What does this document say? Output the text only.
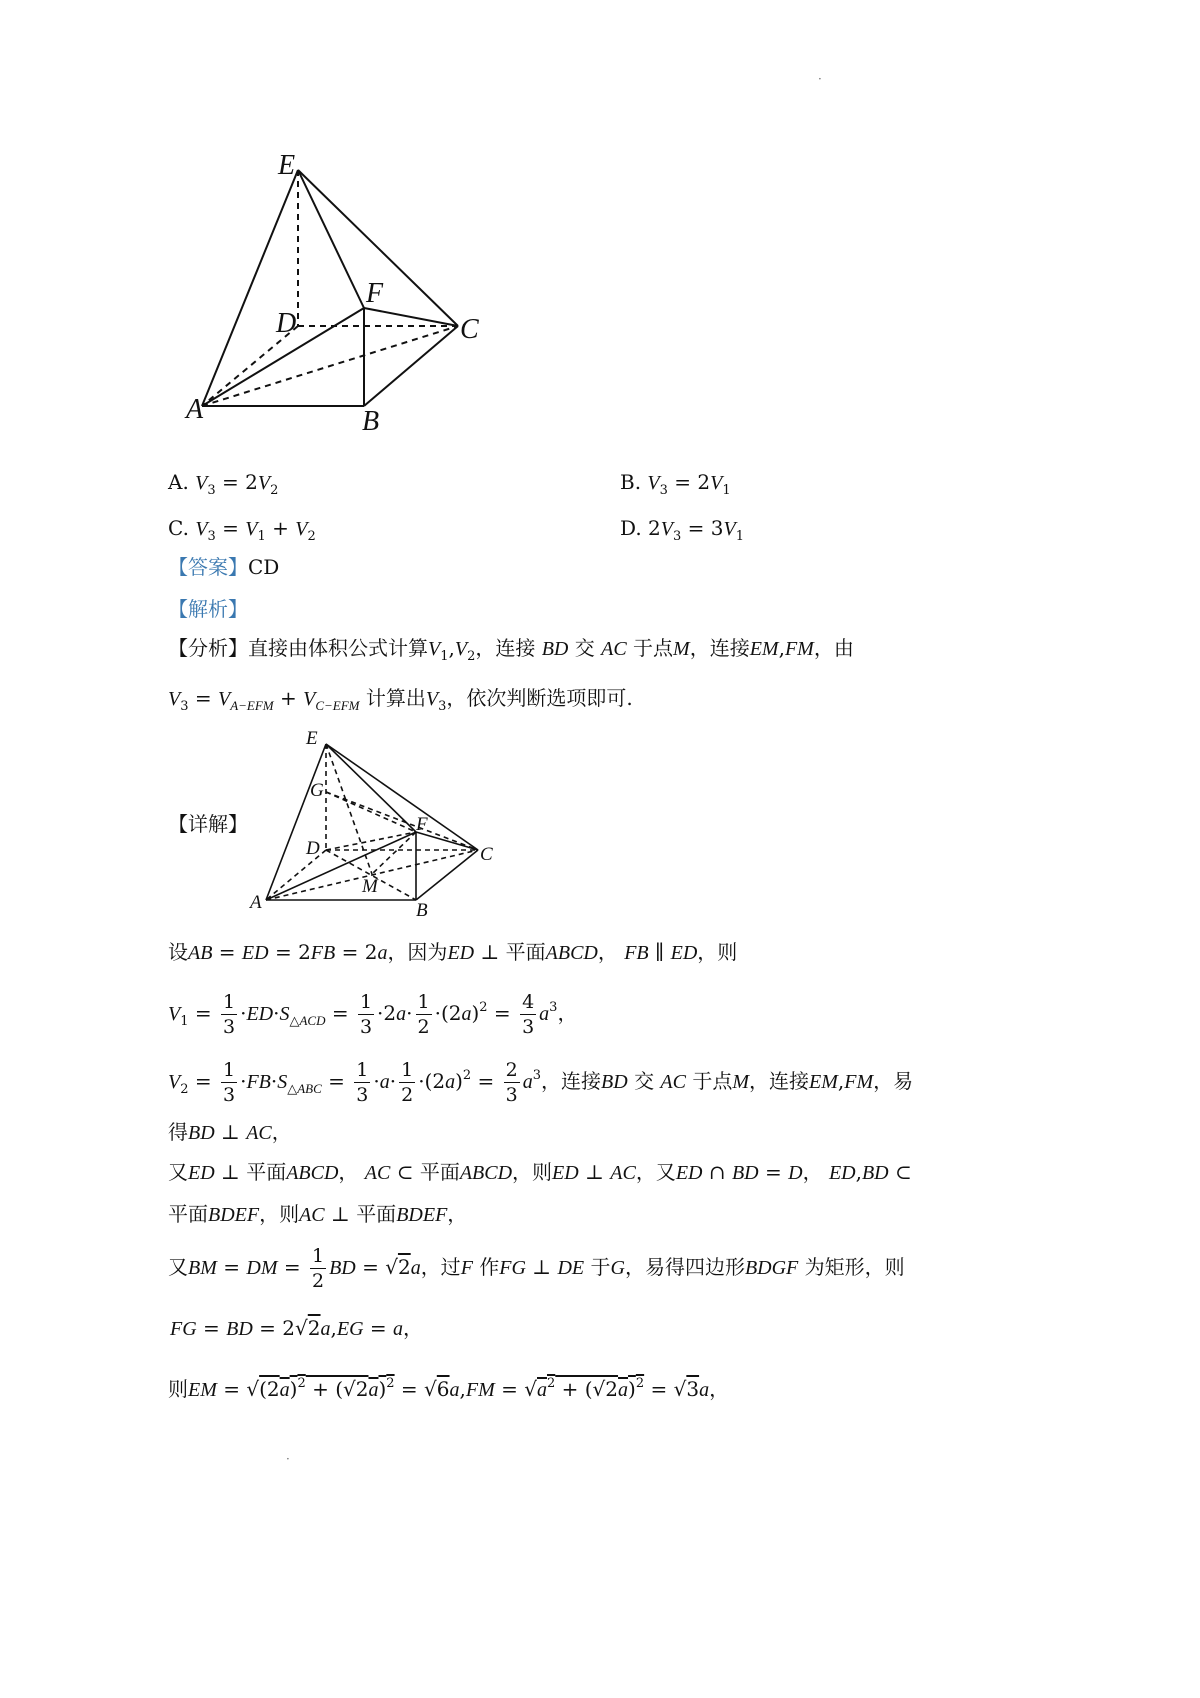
·
E
F
D	C
A	B
A. $V_3 = 2V_2$	B. $V_3 = 2V_1$
C. $V_3 = V_1 + V_2$	D. $2V_3 = 3V_1$
【答案】CD
【解析】
【分析】直接由体积公式计算$V_1,V_2$，连接 BD 交 AC 于点M，连接EM,FM，由
$V_3 = V_{A-EFM} + V_{C-EFM}$ 计算出$V_3$，依次判断选项即可.
【详解】
E
G
F
D	C
M
A	B
设AB = ED = 2FB = 2a，因为ED ⊥ 平面ABCD， FB ∥ ED，则
$V_1 = \frac{1}{3} \cdot ED\cdot S_{\triangle ACD} = \frac{1}{3} \cdot 2a\cdot \frac{1}{2} \cdot(2a)^2 = \frac{4}{3} a^3$，
$V_2 = \frac{1}{3} \cdot FB\cdot S_{\triangle ABC} = \frac{1}{3} \cdot a\cdot \frac{1}{2} \cdot(2a)^2 = \frac{2}{3} a^3$，连接BD 交 AC 于点M，连接EM,FM，易
得BD ⊥ AC，
又ED ⊥ 平面ABCD， AC ⊂ 平面ABCD，则ED ⊥ AC，又ED ∩ BD = D， ED,BD ⊂
平面BDEF，则AC ⊥ 平面BDEF，
又BM = DM = $\frac{1}{2}$ BD = √2a，过F 作FG ⊥ DE 于G，易得四边形BDGF 为矩形，则
FG = BD = 2√2a,EG = a，
则EM = $√(2a)^2 + (√2a)^2 = √6a,FM = √a^2 + (√2a)^2 = √3a$，
·
